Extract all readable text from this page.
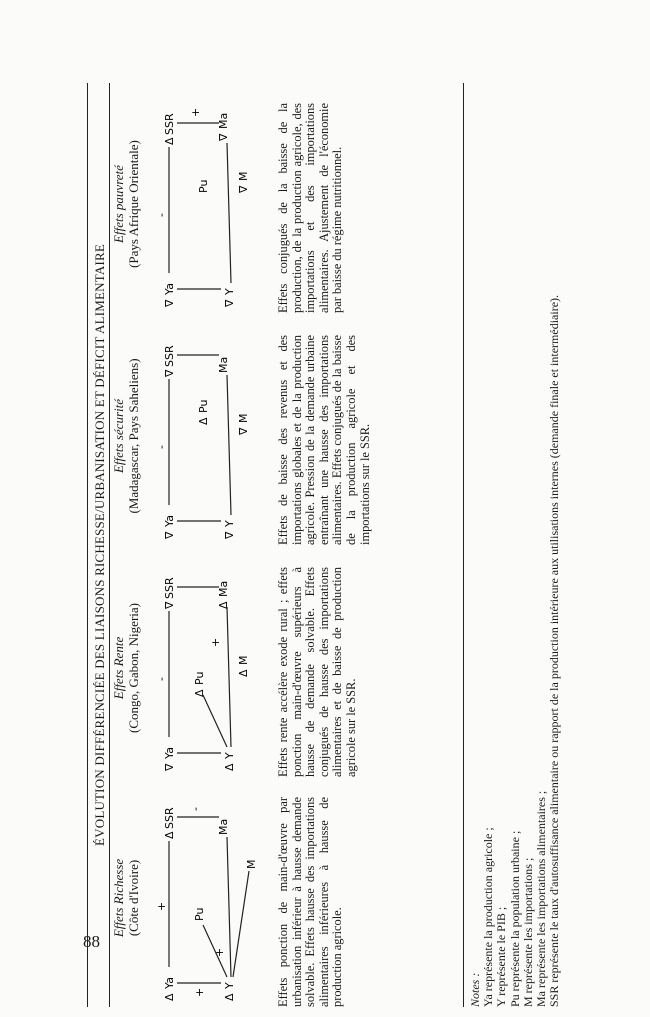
88
ÉVOLUTION DIFFÉRENCIÉE DES LIAISONS RICHESSE/URBANISATION ET DÉFICIT ALIMENTAIRE
Effets Richesse
(Côte d'Ivoire)
Δ
Ya
+
Δ
SSR
+
-
Δ
Y
Pu
Ma
M
+	Effets ponction de main-d'œuvre par urbanisation inférieur à hausse demande solvable. Effets hausse des importations alimentaires inférieures à hausse de production agricole.
Effets Rente
(Congo, Gabon, Nigeria)
∇
Ya
-
∇
SSR
Δ
Y
Δ
Pu
Δ
Ma
Δ
M
+	Effets rente accélère exode rural ; effets ponction main-d'œuvre supérieurs à hausse de demande solvable. Effets conjugués de hausse des importations alimentaires et de baisse de production agricole sur le SSR.
Effets sécurité
(Madagascar, Pays Saheliens)
∇
Ya
-
∇
SSR
∇
Y
Δ
Pu
Ma
∇
M Effets de baisse des revenus et des importations globales et de la production agricole. Pression de la demande urbaine entraînant une hausse des importations alimentaires. Effets conjugués de la baisse de la production agricole et des importations sur le SSR.
Effets pauvreté
(Pays Afrique Orientale)
∇
Ya
-
Δ
SSR
+
∇
Y
Pu
∇
Ma
∇
M Effets conjugués de la baisse de la production, de la production agricole, des importations et des importations alimentaires. Ajustement de l'économie par baisse du régime nutritionnel.
Notes : Ya représente la production agricole ; Y représente le PIB ; Pu représente la population urbaine ; M représente les importations ; Ma représente les importations alimentaires ; SSR représente le taux d'autosuffisance alimentaire ou rapport de la production intérieure aux utilisations internes (demande finale et intermédiaire).
